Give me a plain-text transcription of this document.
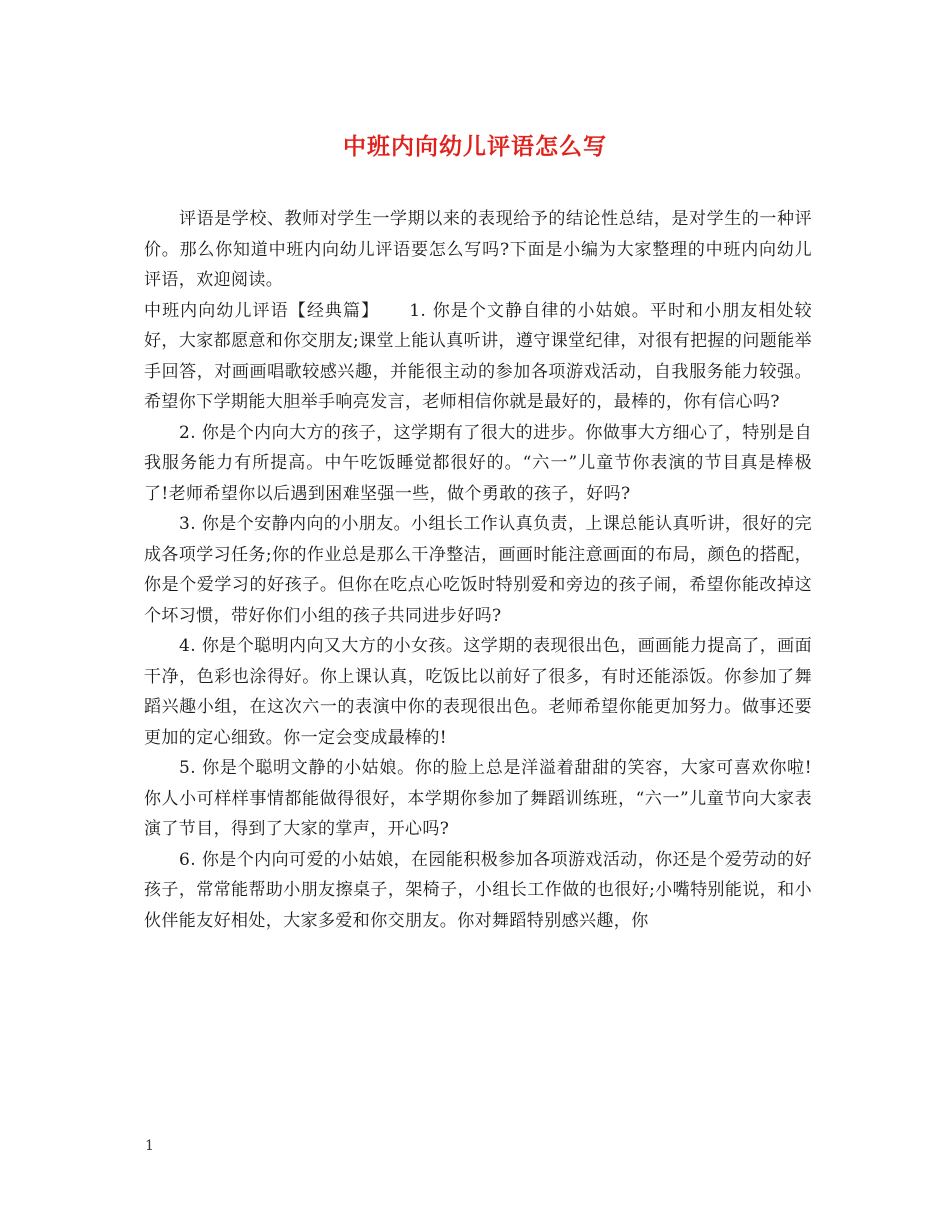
中班内向幼儿评语怎么写

评语是学校、教师对学生一学期以来的表现给予的结论性总结，是对学生的一种评价。那么你知道中班内向幼儿评语要怎么写吗?下面是小编为大家整理的中班内向幼儿评语，欢迎阅读。

中班内向幼儿评语【经典篇】 1. 你是个文静自律的小姑娘。平时和小朋友相处较好，大家都愿意和你交朋友;课堂上能认真听讲，遵守课堂纪律，对很有把握的问题能举手回答，对画画唱歌较感兴趣，并能很主动的参加各项游戏活动，自我服务能力较强。希望你下学期能大胆举手响亮发言，老师相信你就是最好的，最棒的，你有信心吗?

2. 你是个内向大方的孩子，这学期有了很大的进步。你做事大方细心了，特别是自我服务能力有所提高。中午吃饭睡觉都很好的。“六一”儿童节你表演的节目真是棒极了!老师希望你以后遇到困难坚强一些，做个勇敢的孩子，好吗?

3. 你是个安静内向的小朋友。小组长工作认真负责，上课总能认真听讲，很好的完成各项学习任务;你的作业总是那么干净整洁，画画时能注意画面的布局，颜色的搭配，你是个爱学习的好孩子。但你在吃点心吃饭时特别爱和旁边的孩子闹，希望你能改掉这个坏习惯，带好你们小组的孩子共同进步好吗?

4. 你是个聪明内向又大方的小女孩。这学期的表现很出色，画画能力提高了，画面干净，色彩也涂得好。你上课认真，吃饭比以前好了很多，有时还能添饭。你参加了舞蹈兴趣小组，在这次六一的表演中你的表现很出色。老师希望你能更加努力。做事还要更加的定心细致。你一定会变成最棒的!

5. 你是个聪明文静的小姑娘。你的脸上总是洋溢着甜甜的笑容，大家可喜欢你啦!你人小可样样事情都能做得很好，本学期你参加了舞蹈训练班，“六一”儿童节向大家表演了节目，得到了大家的掌声，开心吗?

6. 你是个内向可爱的小姑娘，在园能积极参加各项游戏活动，你还是个爱劳动的好孩子，常常能帮助小朋友擦桌子，架椅子，小组长工作做的也很好;小嘴特别能说，和小伙伴能友好相处，大家多爱和你交朋友。你对舞蹈特别感兴趣，你

1
